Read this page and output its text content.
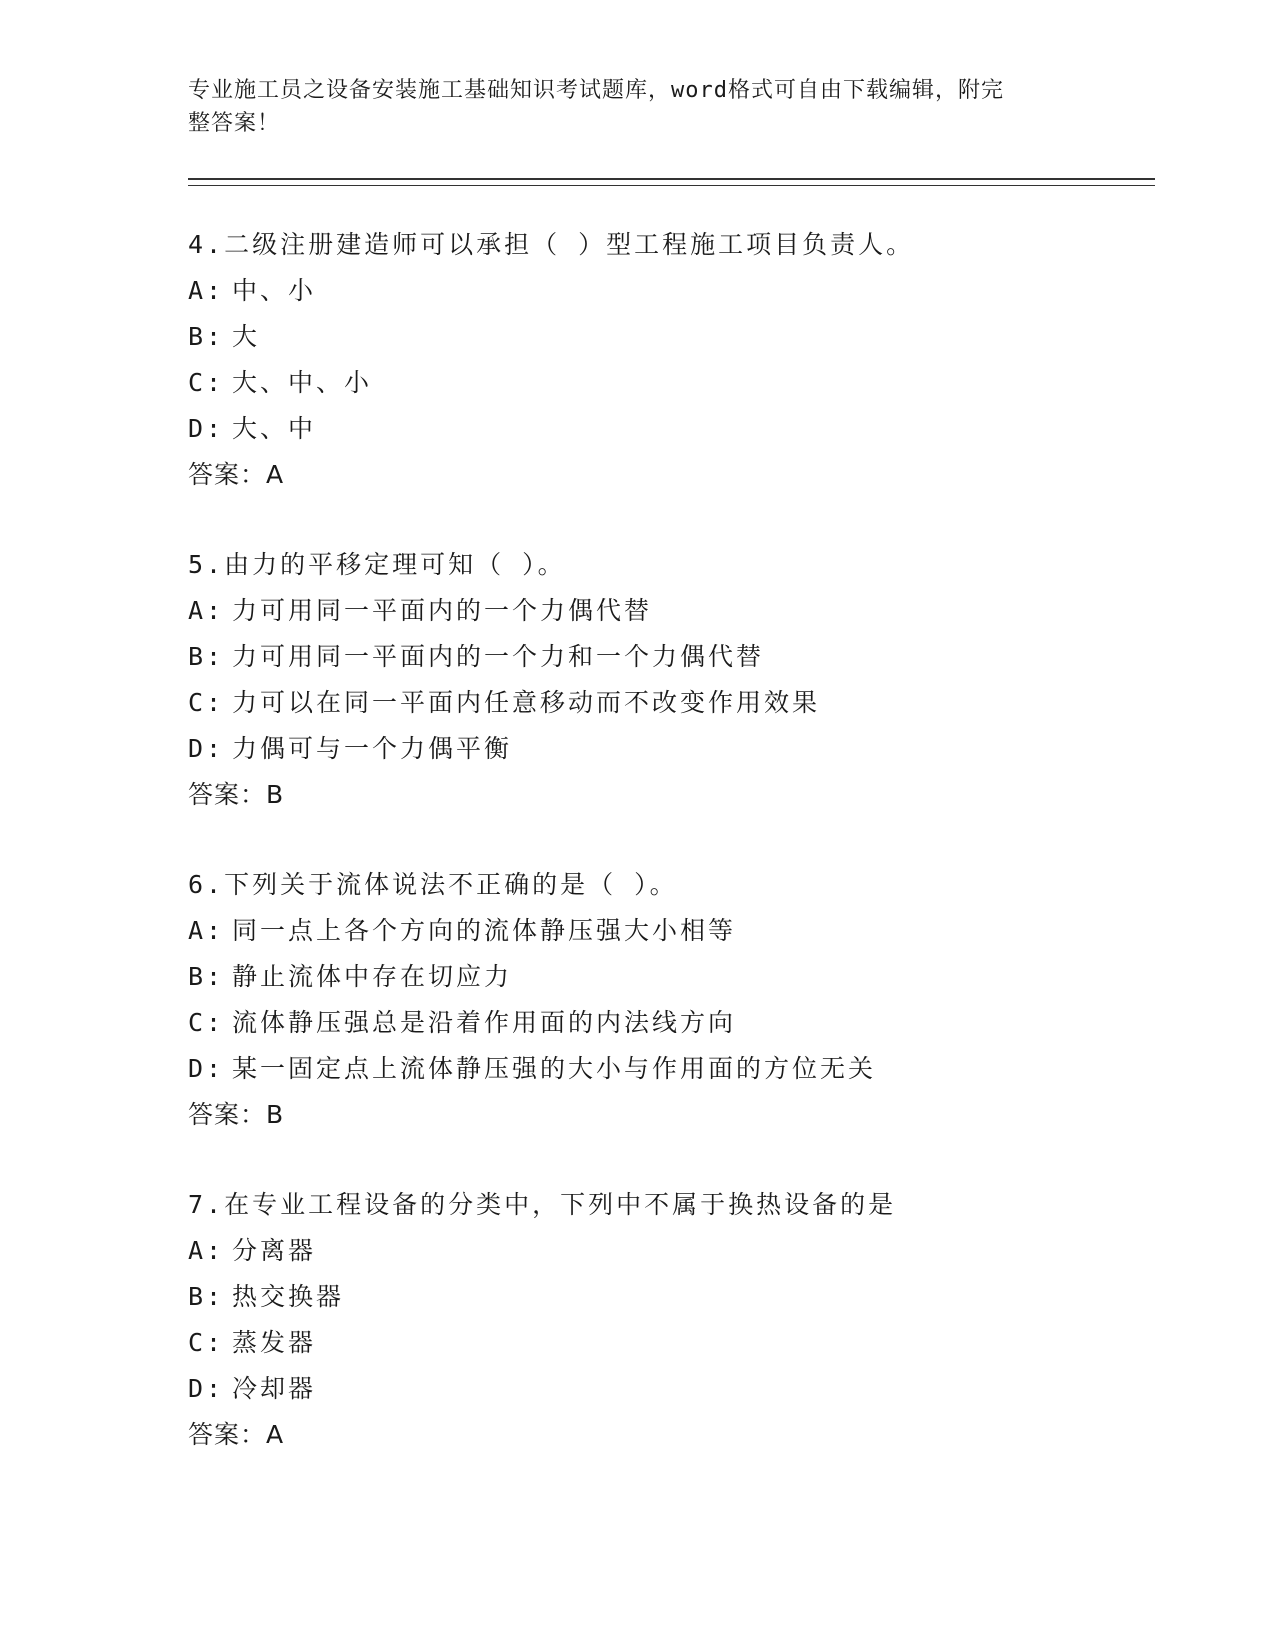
专业施工员之设备安装施工基础知识考试题库，word格式可自由下载编辑，附完
整答案！
4.二级注册建造师可以承担（ ）型工程施工项目负责人。
A: 中、小
B: 大
C: 大、中、小
D: 大、中
答案：A
5.由力的平移定理可知（ ）。
A: 力可用同一平面内的一个力偶代替
B: 力可用同一平面内的一个力和一个力偶代替
C: 力可以在同一平面内任意移动而不改变作用效果
D: 力偶可与一个力偶平衡
答案：B
6.下列关于流体说法不正确的是（ ）。
A: 同一点上各个方向的流体静压强大小相等
B: 静止流体中存在切应力
C: 流体静压强总是沿着作用面的内法线方向
D: 某一固定点上流体静压强的大小与作用面的方位无关
答案：B
7.在专业工程设备的分类中，下列中不属于换热设备的是
A: 分离器
B: 热交换器
C: 蒸发器
D: 冷却器
答案：A
